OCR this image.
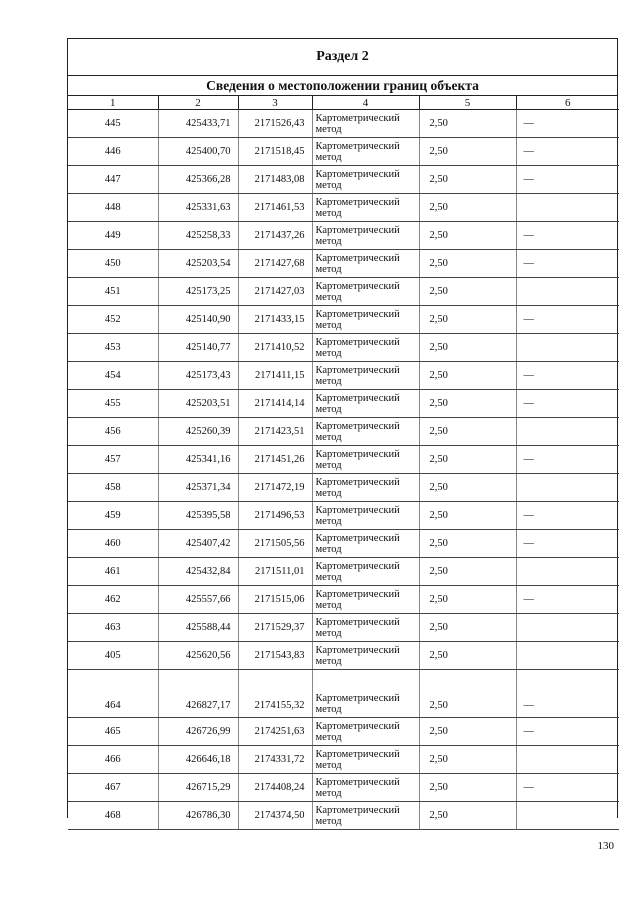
Раздел 2
Сведения о местоположении границ объекта
1	2	3	4	5	6
445	425433,71	2171526,43	Картометрический
метод	2,50	—
446	425400,70	2171518,45	Картометрический
метод	2,50	—
447	425366,28	2171483,08	Картометрический
метод	2,50	—
448	425331,63	2171461,53	Картометрический
метод	2,50	
449	425258,33	2171437,26	Картометрический
метод	2,50	—
450	425203,54	2171427,68	Картометрический
метод	2,50	—
451	425173,25	2171427,03	Картометрический
метод	2,50	
452	425140,90	2171433,15	Картометрический
метод	2,50	—
453	425140,77	2171410,52	Картометрический
метод	2,50	
454	425173,43	2171411,15	Картометрический
метод	2,50	—
455	425203,51	2171414,14	Картометрический
метод	2,50	—
456	425260,39	2171423,51	Картометрический
метод	2,50	
457	425341,16	2171451,26	Картометрический
метод	2,50	—
458	425371,34	2171472,19	Картометрический
метод	2,50	
459	425395,58	2171496,53	Картометрический
метод	2,50	—
460	425407,42	2171505,56	Картометрический
метод	2,50	—
461	425432,84	2171511,01	Картометрический
метод	2,50	
462	425557,66	2171515,06	Картометрический
метод	2,50	—
463	425588,44	2171529,37	Картометрический
метод	2,50	
405	425620,56	2171543,83	Картометрический
метод	2,50	
464	426827,17	2174155,32	Картометрический
метод	2,50	—
465	426726,99	2174251,63	Картометрический
метод	2,50	—
466	426646,18	2174331,72	Картометрический
метод	2,50	
467	426715,29	2174408,24	Картометрический
метод	2,50	—
468	426786,30	2174374,50	Картометрический
метод	2,50	
130
